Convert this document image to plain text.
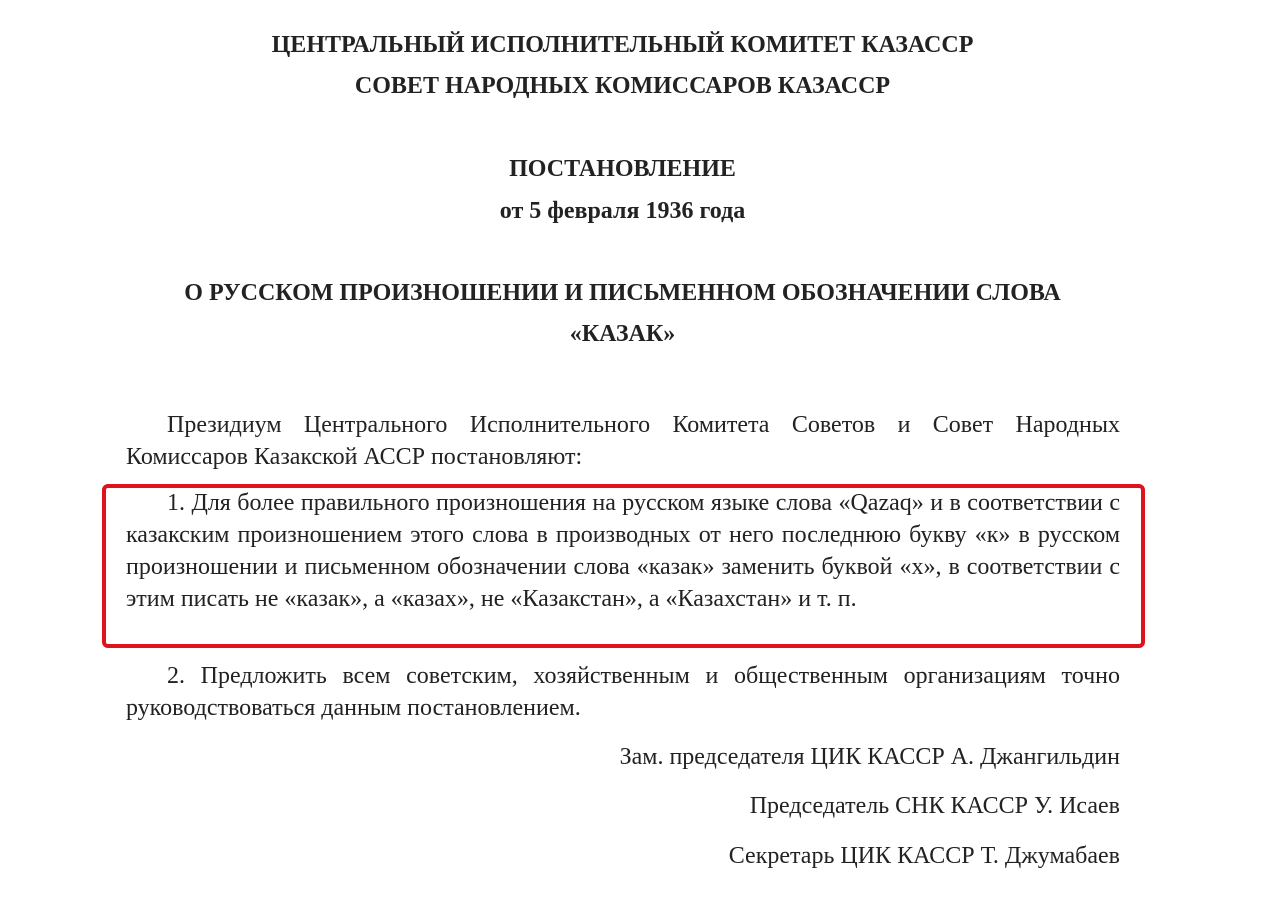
ЦЕНТРАЛЬНЫЙ ИСПОЛНИТЕЛЬНЫЙ КОМИТЕТ КАЗАССР
СОВЕТ НАРОДНЫХ КОМИССАРОВ КАЗАССР
ПОСТАНОВЛЕНИЕ
от 5 февраля 1936 года
О РУССКОМ ПРОИЗНОШЕНИИ И ПИСЬМЕННОМ ОБОЗНАЧЕНИИ СЛОВА
«КАЗАК»
Президиум Центрального Исполнительного Комитета Советов и Совет Народных Комиссаров Казакской АССР постановляют:
1. Для более правильного произношения на русском языке слова «Qazaq» и в соответствии с казакским произношением этого слова в производных от него последнюю букву «к» в русском произношении и письменном обозначении слова «казак» заменить буквой «х», в соответствии с этим писать не «казак», а «казах», не «Казакстан», а «Казахстан» и т. п.
2. Предложить всем советским, хозяйственным и общественным организациям точно руководствоваться данным постановлением.
Зам. председателя ЦИК КАССР А. Джангильдин
Председатель СНК КАССР У. Исаев
Секретарь ЦИК КАССР Т. Джумабаев
